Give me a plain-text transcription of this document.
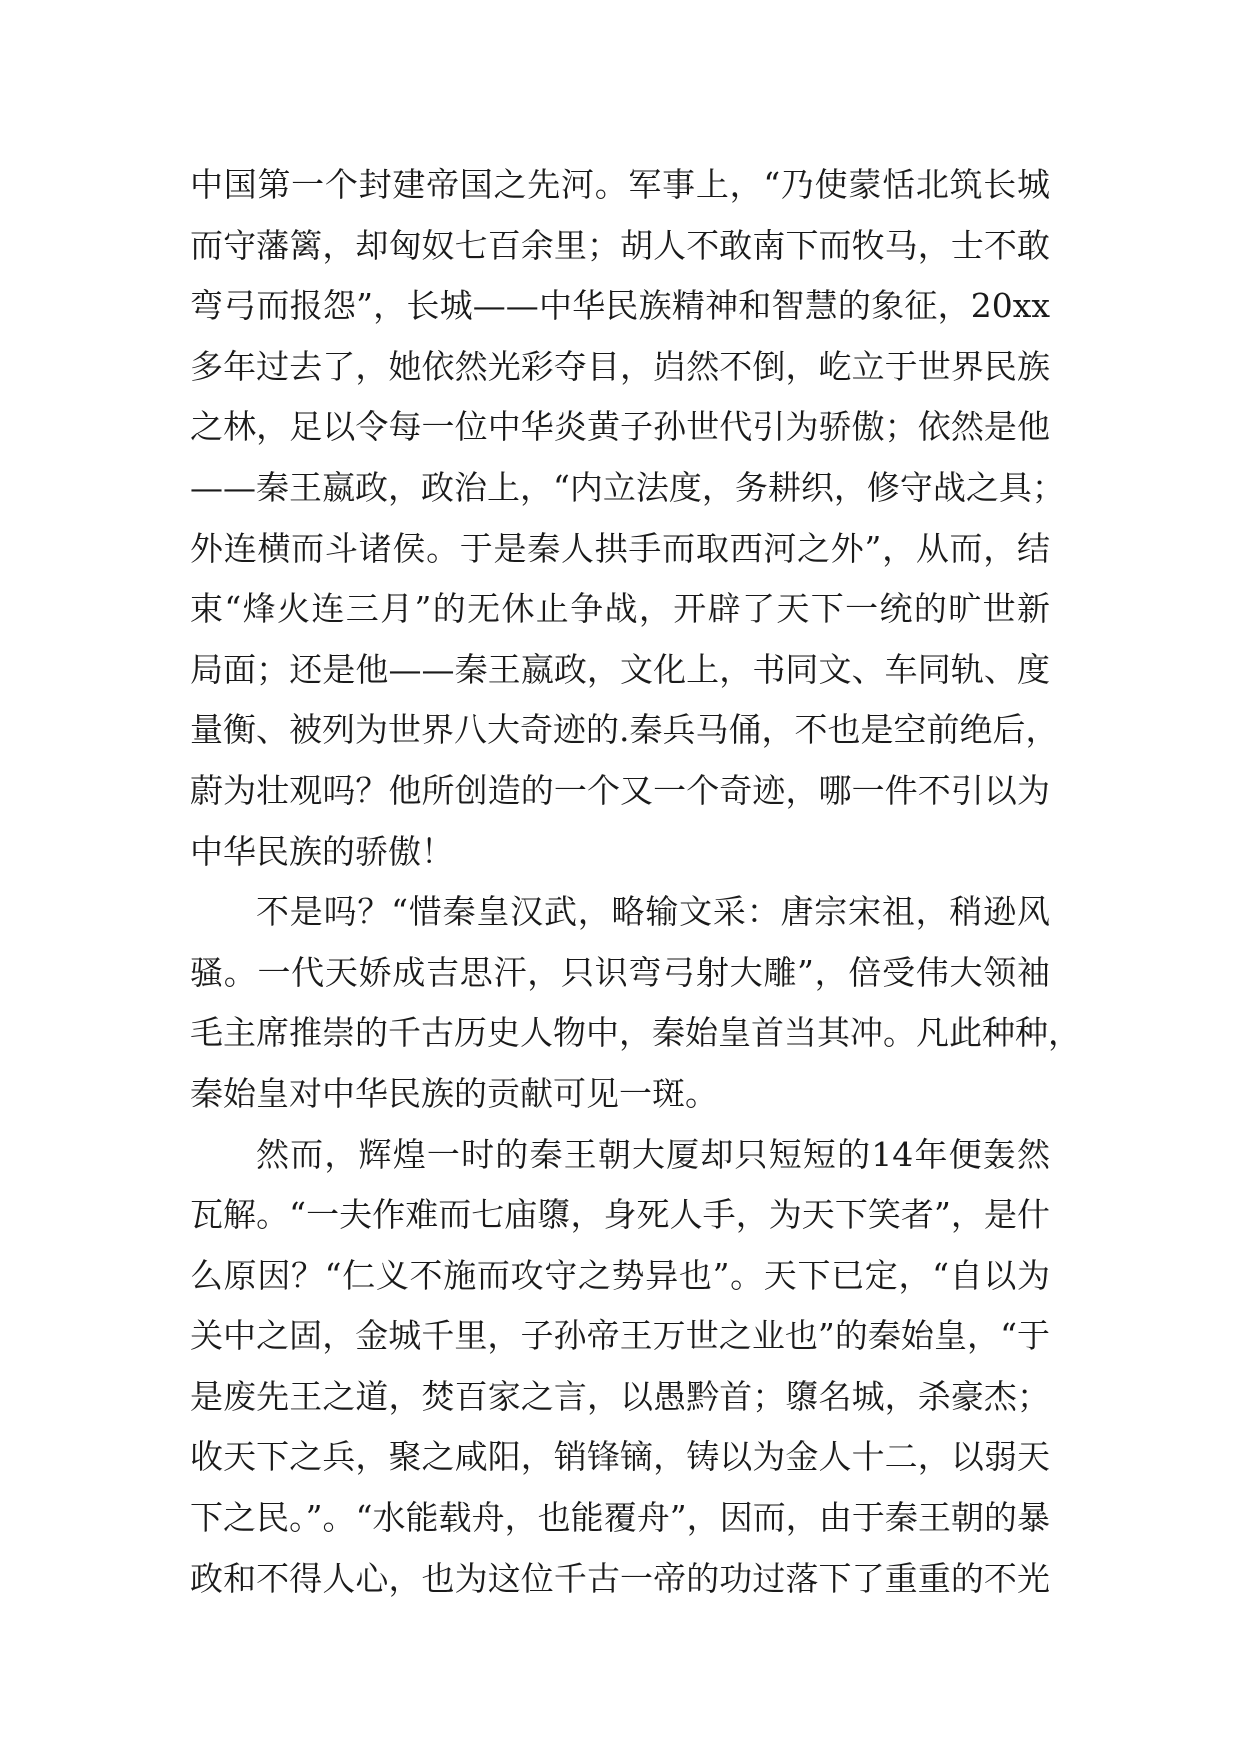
中国第一个封建帝国之先河。军事上，“乃使蒙恬北筑长城
而守藩篱，却匈奴七百余里；胡人不敢南下而牧马，士不敢
弯弓而报怨”，长城——中华民族精神和智慧的象征，20xx
多年过去了，她依然光彩夺目，岿然不倒，屹立于世界民族
之林，足以令每一位中华炎黄子孙世代引为骄傲；依然是他
——秦王嬴政，政治上，“内立法度，务耕织，修守战之具；
外连横而斗诸侯。于是秦人拱手而取西河之外”，从而，结
束“烽火连三月”的无休止争战，开辟了天下一统的旷世新
局面；还是他——秦王嬴政，文化上，书同文、车同轨、度
量衡、被列为世界八大奇迹的.秦兵马俑，不也是空前绝后，
蔚为壮观吗？他所创造的一个又一个奇迹，哪一件不引以为
中华民族的骄傲！
不是吗？“惜秦皇汉武，略输文采：唐宗宋祖，稍逊风
骚。一代天娇成吉思汗，只识弯弓射大雕”，倍受伟大领袖
毛主席推崇的千古历史人物中，秦始皇首当其冲。凡此种种，
秦始皇对中华民族的贡献可见一斑。
然而，辉煌一时的秦王朝大厦却只短短的14年便轰然
瓦解。“一夫作难而七庙隳，身死人手，为天下笑者”，是什
么原因？“仁义不施而攻守之势异也”。天下已定，“自以为
关中之固，金城千里，子孙帝王万世之业也”的秦始皇，“于
是废先王之道，焚百家之言，以愚黔首；隳名城，杀豪杰；
收天下之兵，聚之咸阳，销锋镝，铸以为金人十二，以弱天
下之民。”。“水能载舟，也能覆舟”，因而，由于秦王朝的暴
政和不得人心，也为这位千古一帝的功过落下了重重的不光
